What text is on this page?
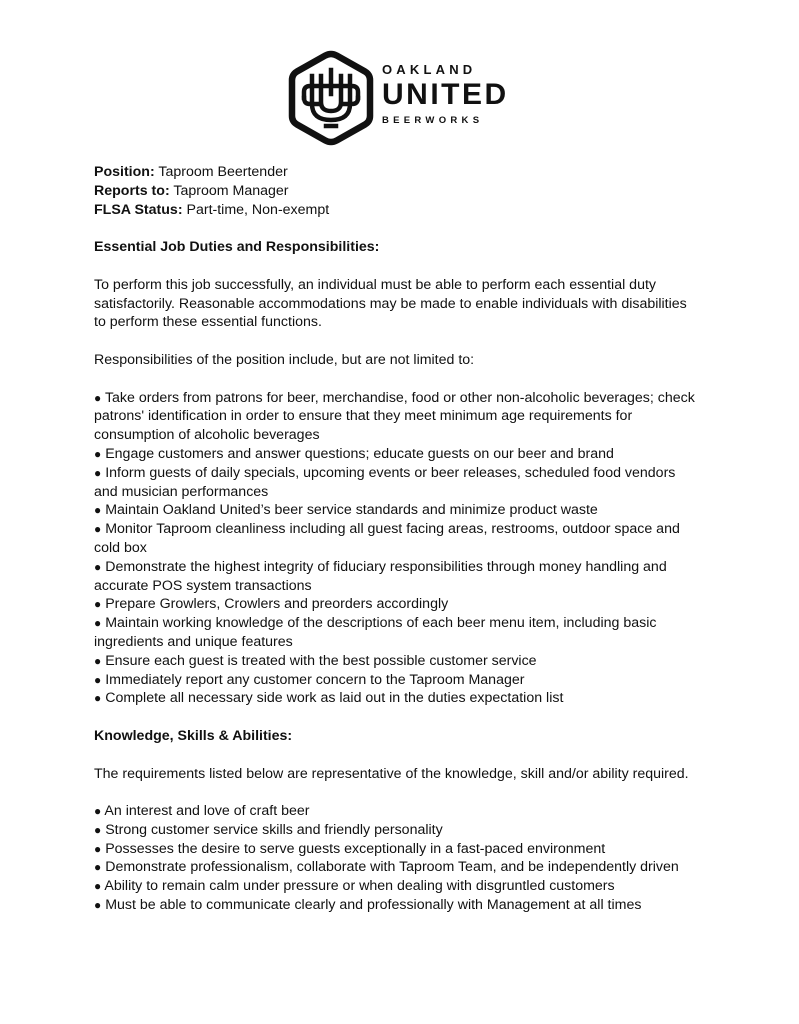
OAKLAND
UNITED
BEERWORKS
Position: Taproom Beertender
Reports to: Taproom Manager
FLSA Status: Part-time, Non-exempt
Essential Job Duties and Responsibilities:
To perform this job successfully, an individual must be able to perform each essential duty
satisfactorily. Reasonable accommodations may be made to enable individuals with disabilities
to perform these essential functions.
Responsibilities of the position include, but are not limited to:
● Take orders from patrons for beer, merchandise, food or other non-alcoholic beverages; check
patrons' identification in order to ensure that they meet minimum age requirements for
consumption of alcoholic beverages
● Engage customers and answer questions; educate guests on our beer and brand
● Inform guests of daily specials, upcoming events or beer releases, scheduled food vendors
and musician performances
● Maintain Oakland United’s beer service standards and minimize product waste
● Monitor Taproom cleanliness including all guest facing areas, restrooms, outdoor space and
cold box
● Demonstrate the highest integrity of fiduciary responsibilities through money handling and
accurate POS system transactions
● Prepare Growlers, Crowlers and preorders accordingly
● Maintain working knowledge of the descriptions of each beer menu item, including basic
ingredients and unique features
● Ensure each guest is treated with the best possible customer service
● Immediately report any customer concern to the Taproom Manager
● Complete all necessary side work as laid out in the duties expectation list
Knowledge, Skills & Abilities:
The requirements listed below are representative of the knowledge, skill and/or ability required.
● An interest and love of craft beer
● Strong customer service skills and friendly personality
● Possesses the desire to serve guests exceptionally in a fast-paced environment
● Demonstrate professionalism, collaborate with Taproom Team, and be independently driven
● Ability to remain calm under pressure or when dealing with disgruntled customers
● Must be able to communicate clearly and professionally with Management at all times
